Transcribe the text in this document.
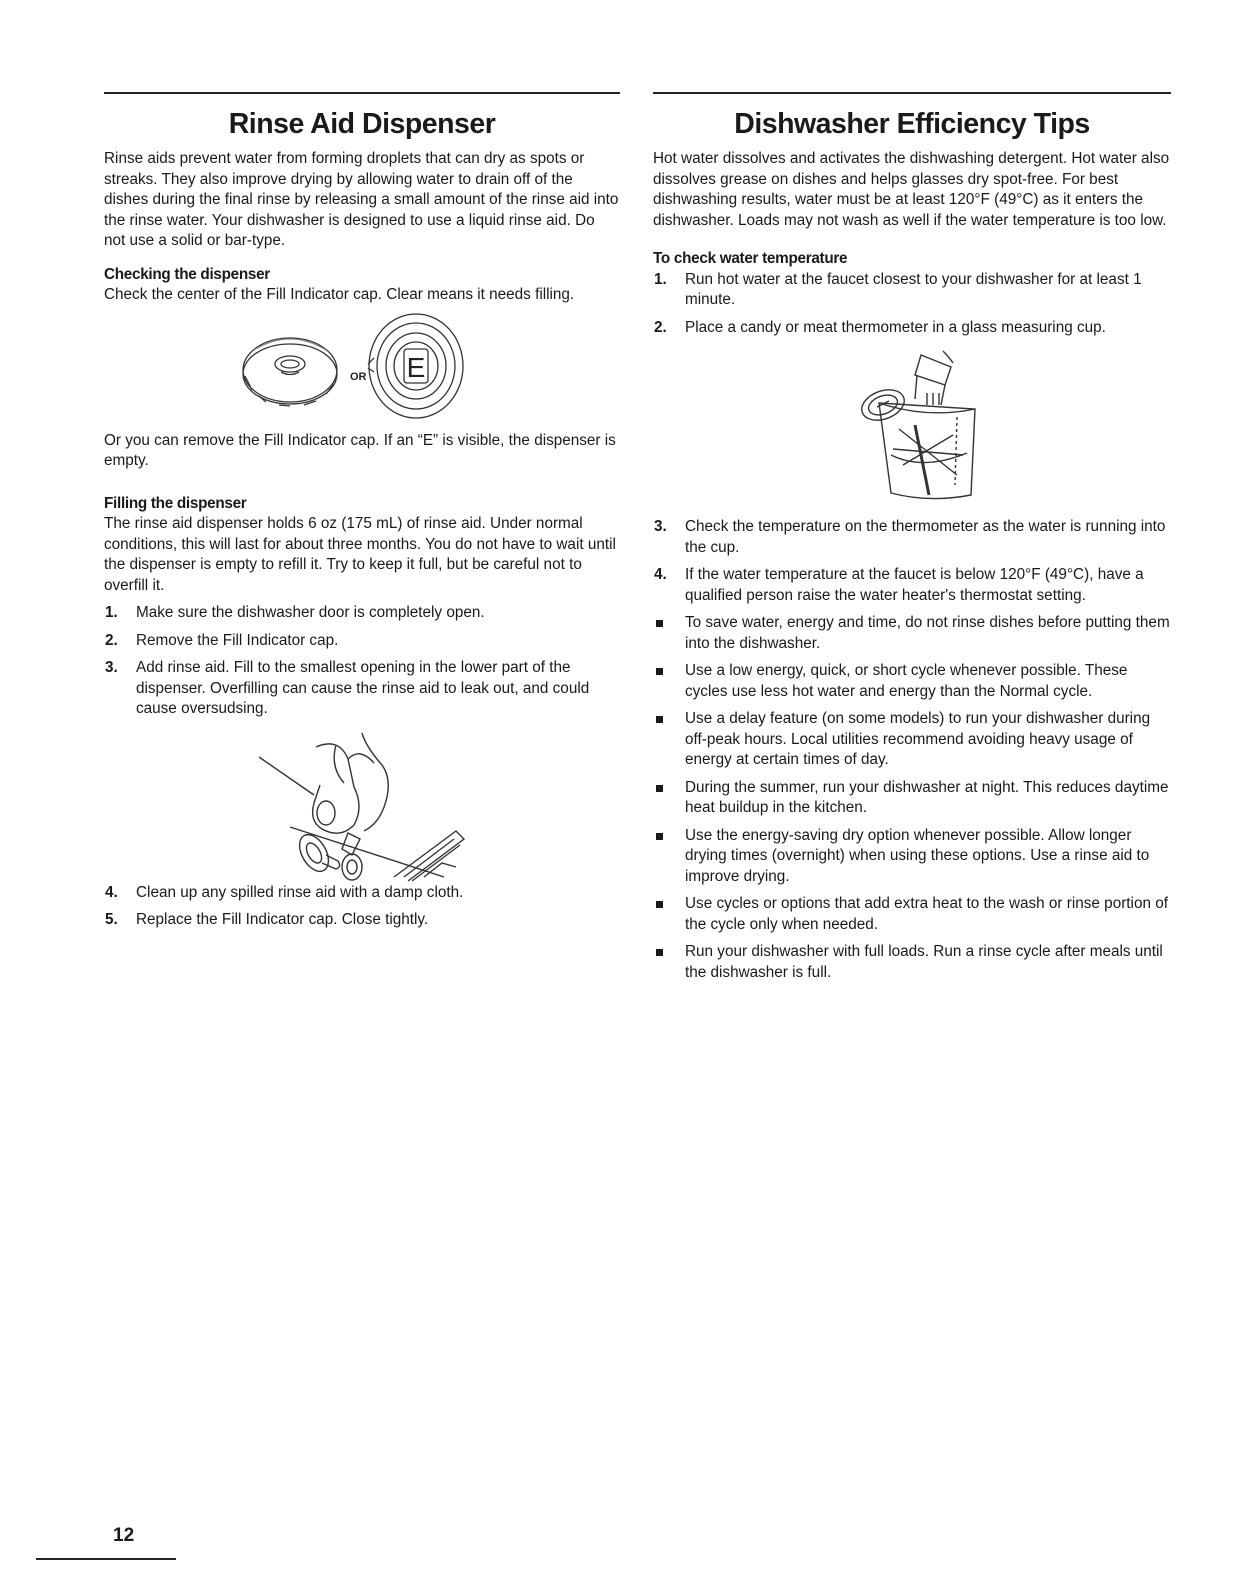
Rinse Aid Dispenser

Rinse aids prevent water from forming droplets that can dry as spots or streaks. They also improve drying by allowing water to drain off of the dishes during the final rinse by releasing a small amount of the rinse aid into the rinse water. Your dishwasher is designed to use a liquid rinse aid. Do not use a solid or bar-type.

Checking the dispenser

Check the center of the Fill Indicator cap. Clear means it needs filling.

OR E

Or you can remove the Fill Indicator cap. If an “E” is visible, the dispenser is empty.

Filling the dispenser

The rinse aid dispenser holds 6 oz (175 mL) of rinse aid. Under normal conditions, this will last for about three months. You do not have to wait until the dispenser is empty to refill it. Try to keep it full, but be careful not to overfill it.

1. Make sure the dishwasher door is completely open.
2. Remove the Fill Indicator cap.
3. Add rinse aid. Fill to the smallest opening in the lower part of the dispenser. Overfilling can cause the rinse aid to leak out, and could cause oversudsing.
4. Clean up any spilled rinse aid with a damp cloth.
5. Replace the Fill Indicator cap. Close tightly.
Dishwasher Efficiency Tips

Hot water dissolves and activates the dishwashing detergent. Hot water also dissolves grease on dishes and helps glasses dry spot-free. For best dishwashing results, water must be at least 120°F (49°C) as it enters the dishwasher. Loads may not wash as well if the water temperature is too low.

To check water temperature
1. Run hot water at the faucet closest to your dishwasher for at least 1 minute.
2. Place a candy or meat thermometer in a glass measuring cup.
3. Check the temperature on the thermometer as the water is running into the cup.
4. If the water temperature at the faucet is below 120°F (49°C), have a qualified person raise the water heater's thermostat setting.
To save water, energy and time, do not rinse dishes before putting them into the dishwasher.
Use a low energy, quick, or short cycle whenever possible. These cycles use less hot water and energy than the Normal cycle.
Use a delay feature (on some models) to run your dishwasher during off-peak hours. Local utilities recommend avoiding heavy usage of energy at certain times of day.
During the summer, run your dishwasher at night. This reduces daytime heat buildup in the kitchen.
Use the energy-saving dry option whenever possible. Allow longer drying times (overnight) when using these options. Use a rinse aid to improve drying.
Use cycles or options that add extra heat to the wash or rinse portion of the cycle only when needed.
Run your dishwasher with full loads. Run a rinse cycle after meals until the dishwasher is full.
12
